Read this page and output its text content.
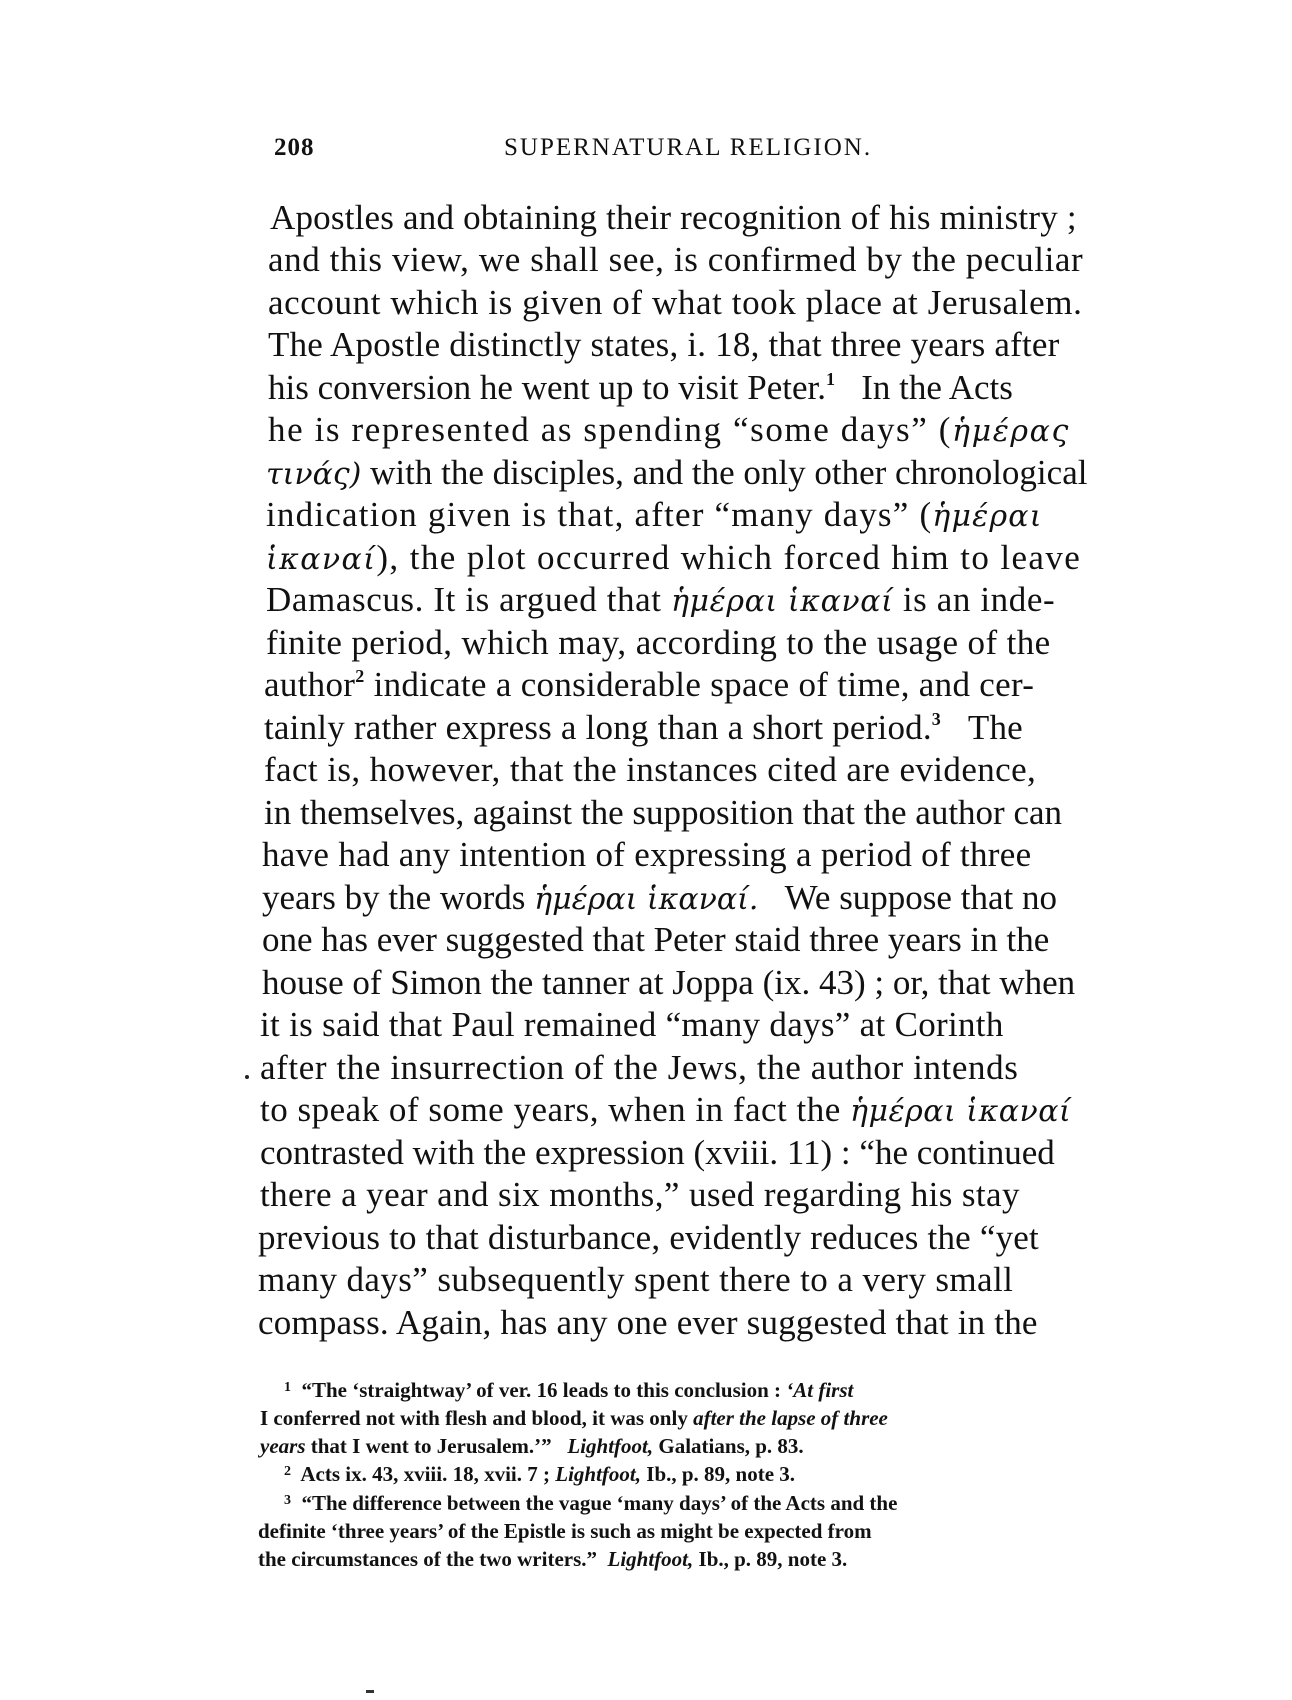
208	SUPERNATURAL RELIGION.
Apostles and obtaining their recognition of his ministry ;
and this view, we shall see, is confirmed by the peculiar
account which is given of what took place at Jerusalem.
The Apostle distinctly states, i. 18, that three years after
his conversion he went up to visit Peter.$^1$ In the Acts
he is represented as spending “some days” (ἡμέρας
τινάς) with the disciples, and the only other chronological
indication given is that, after “many days” (ἡμέραι
ἱκαναί), the plot occurred which forced him to leave
Damascus. It is argued that ἡμέραι ἱκαναί is an inde-
finite period, which may, according to the usage of the
author$^2$ indicate a considerable space of time, and cer-
tainly rather express a long than a short period.$^3$ The
fact is, however, that the instances cited are evidence,
in themselves, against the supposition that the author can
have had any intention of expressing a period of three
years by the words ἡμέραι ἱκαναί. We suppose that no
one has ever suggested that Peter staid three years in the
house of Simon the tanner at Joppa (ix. 43) ; or, that when
it is said that Paul remained “many days” at Corinth
after the insurrection of the Jews, the author intends
to speak of some years, when in fact the ἡμέραι ἱκαναί
contrasted with the expression (xviii. 11) : “he continued
there a year and six months,” used regarding his stay
previous to that disturbance, evidently reduces the “yet
many days” subsequently spent there to a very small
compass. Again, has any one ever suggested that in the
$^1$ “The ‘straightway’ of ver. 16 leads to this conclusion : ‘At first
I conferred not with flesh and blood, it was only after the lapse of three
years that I went to Jerusalem.’” Lightfoot, Galatians, p. 83.
$^2$ Acts ix. 43, xviii. 18, xvii. 7 ; Lightfoot, Ib., p. 89, note 3.
$^3$ “The difference between the vague ‘many days’ of the Acts and the
definite ‘three years’ of the Epistle is such as might be expected from
the circumstances of the two writers.” Lightfoot, Ib., p. 89, note 3.
